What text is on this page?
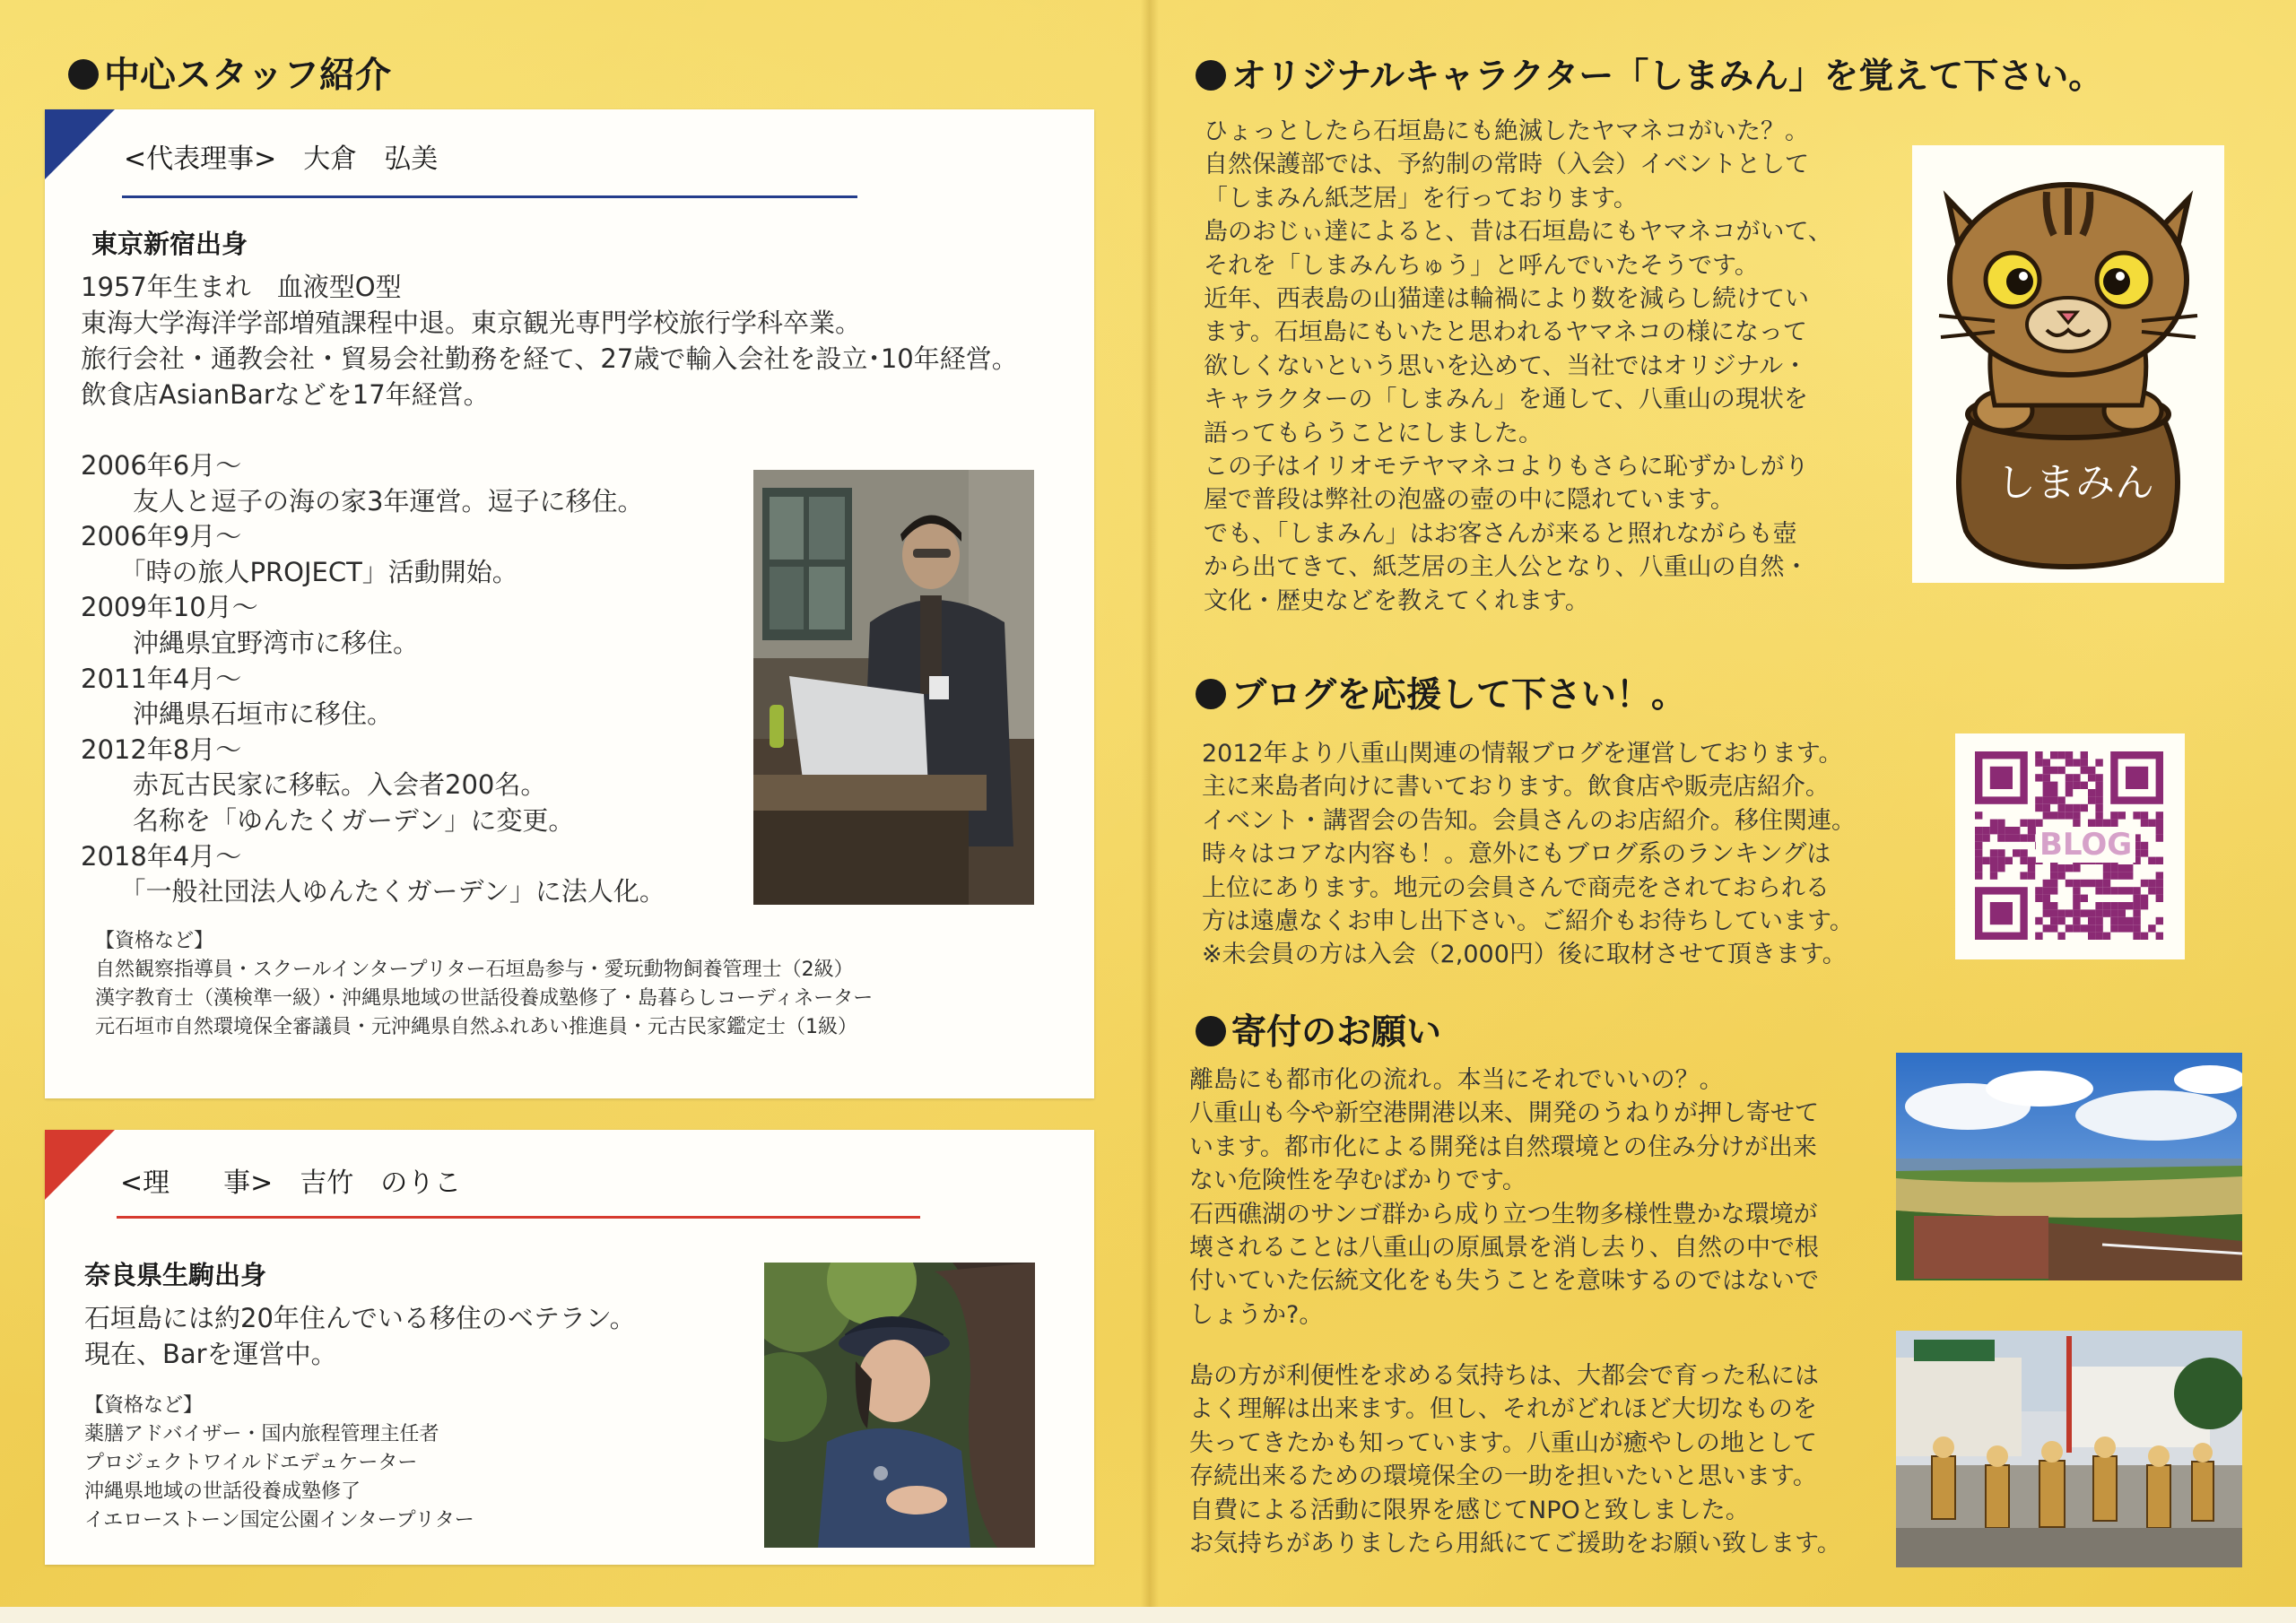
中心スタッフ紹介
<代表理事>　大倉　弘美
東京新宿出身
1957年生まれ　血液型O型
東海大学海洋学部増殖課程中退。東京観光専門学校旅行学科卒業。
旅行会社・通教会社・貿易会社勤務を経て、27歳で輸入会社を設立･10年経営。
飲食店AsianBarなどを17年経営。
2006年6月～
　　友人と逗子の海の家3年運営。逗子に移住。
2006年9月～
　　「時の旅人PROJECT」活動開始。
2009年10月～
　　沖縄県宜野湾市に移住。
2011年4月～
　　沖縄県石垣市に移住。
2012年8月～
　　赤瓦古民家に移転。入会者200名。
　　名称を「ゆんたくガーデン」に変更。
2018年4月～
　　「一般社団法人ゆんたくガーデン」に法人化。
【資格など】
自然観察指導員・スクールインタープリター石垣島参与・愛玩動物飼養管理士（2級）
漢字教育士（漢検準一級）・沖縄県地域の世話役養成塾修了・島暮らしコーディネーター
元石垣市自然環境保全審議員・元沖縄県自然ふれあい推進員・元古民家鑑定士（1級）
<理　　事>　吉竹　のりこ
奈良県生駒出身
石垣島には約20年住んでいる移住のベテラン。
現在、Barを運営中。
【資格など】
薬膳アドバイザー・国内旅程管理主任者
プロジェクトワイルドエデュケーター
沖縄県地域の世話役養成塾修了
イエローストーン国定公園インタープリター
オリジナルキャラクター「しまみん」を覚えて下さい。
ひょっとしたら石垣島にも絶滅したヤマネコがいた？。
自然保護部では、予約制の常時（入会）イベントとして
「しまみん紙芝居」を行っております。
島のおじぃ達によると、昔は石垣島にもヤマネコがいて、
それを「しまみんちゅう」と呼んでいたそうです。
近年、西表島の山猫達は輪禍により数を減らし続けてい
ます。石垣島にもいたと思われるヤマネコの様になって
欲しくないという思いを込めて、当社ではオリジナル・
キャラクターの「しまみん」を通して、八重山の現状を
語ってもらうことにしました。
この子はイリオモテヤマネコよりもさらに恥ずかしがり
屋で普段は弊社の泡盛の壺の中に隠れています。
でも、「しまみん」はお客さんが来ると照れながらも壺
から出てきて、紙芝居の主人公となり、八重山の自然・
文化・歴史などを教えてくれます。
しまみん
ブログを応援して下さい！。
2012年より八重山関連の情報ブログを運営しております。
主に来島者向けに書いております。飲食店や販売店紹介。
イベント・講習会の告知。会員さんのお店紹介。移住関連。
時々はコアな内容も！。意外にもブログ系のランキングは
上位にあります。地元の会員さんで商売をされておられる
方は遠慮なくお申し出下さい。ご紹介もお待ちしています。
※未会員の方は入会（2,000円）後に取材させて頂きます。
BLOG
寄付のお願い
離島にも都市化の流れ。本当にそれでいいの？。
八重山も今や新空港開港以来、開発のうねりが押し寄せて
います。都市化による開発は自然環境との住み分けが出来
ない危険性を孕むばかりです。
石西礁湖のサンゴ群から成り立つ生物多様性豊かな環境が
壊されることは八重山の原風景を消し去り、自然の中で根
付いていた伝統文化をも失うことを意味するのではないで
しょうか?。
島の方が利便性を求める気持ちは、大都会で育った私には
よく理解は出来ます。但し、それがどれほど大切なものを
失ってきたかも知っています。八重山が癒やしの地として
存続出来るための環境保全の一助を担いたいと思います。
自費による活動に限界を感じてNPOと致しました。
お気持ちがありましたら用紙にてご援助をお願い致します。
